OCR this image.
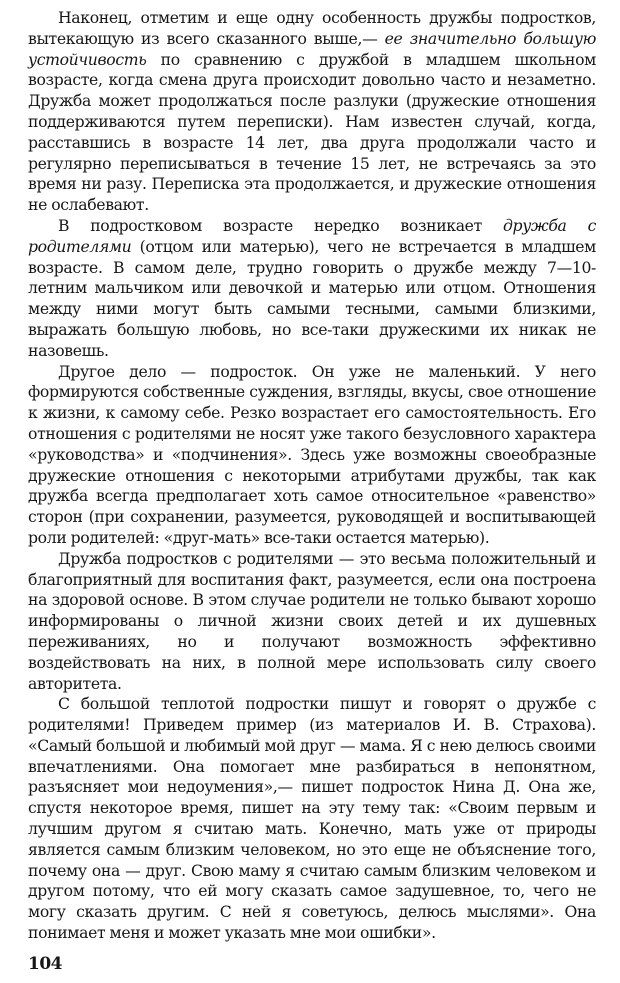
Наконец, отметим и еще одну особенность дружбы подростков, вытекающую из всего сказанного выше,— ее значительно большую устойчивость по сравнению с дружбой в младшем школьном возрасте, когда смена друга происходит довольно часто и незаметно. Дружба может продолжаться после разлуки (дружеские отношения поддерживаются путем переписки). Нам известен случай, когда, расставшись в возрасте 14 лет, два друга продолжали часто и регулярно переписываться в течение 15 лет, не встречаясь за это время ни разу. Переписка эта продолжается, и дружеские отношения не ослабевают.

В подростковом возрасте нередко возникает дружба с родителями (отцом или матерью), чего не встречается в младшем возрасте. В самом деле, трудно говорить о дружбе между 7—10-летним мальчиком или девочкой и матерью или отцом. Отношения между ними могут быть самыми тесными, самыми близкими, выражать большую любовь, но все-таки дружескими их никак не назовешь.

Другое дело — подросток. Он уже не маленький. У него формируются собственные суждения, взгляды, вкусы, свое отношение к жизни, к самому себе. Резко возрастает его самостоятельность. Его отношения с родителями не носят уже такого безусловного характера «руководства» и «подчинения». Здесь уже возможны своеобразные дружеские отношения с некоторыми атрибутами дружбы, так как дружба всегда предполагает хоть самое относительное «равенство» сторон (при сохранении, разумеется, руководящей и воспитывающей роли родителей: «друг-мать» все-таки остается матерью).

Дружба подростков с родителями — это весьма положительный и благоприятный для воспитания факт, разумеется, если она построена на здоровой основе. В этом случае родители не только бывают хорошо информированы о личной жизни своих детей и их душевных переживаниях, но и получают возможность эффективно воздействовать на них, в полной мере использовать силу своего авторитета.

С большой теплотой подростки пишут и говорят о дружбе с родителями! Приведем пример (из материалов И. В. Страхова). «Самый большой и любимый мой друг — мама. Я с нею делюсь своими впечатлениями. Она помогает мне разбираться в непонятном, разъясняет мои недоумения»,— пишет подросток Нина Д. Она же, спустя некоторое время, пишет на эту тему так: «Своим первым и лучшим другом я считаю мать. Конечно, мать уже от природы является самым близким человеком, но это еще не объяснение того, почему она — друг. Свою маму я считаю самым близким человеком и другом потому, что ей могу сказать самое задушевное, то, чего не могу сказать другим. С ней я советуюсь, делюсь мыслями». Она понимает меня и может указать мне мои ошибки».

104
